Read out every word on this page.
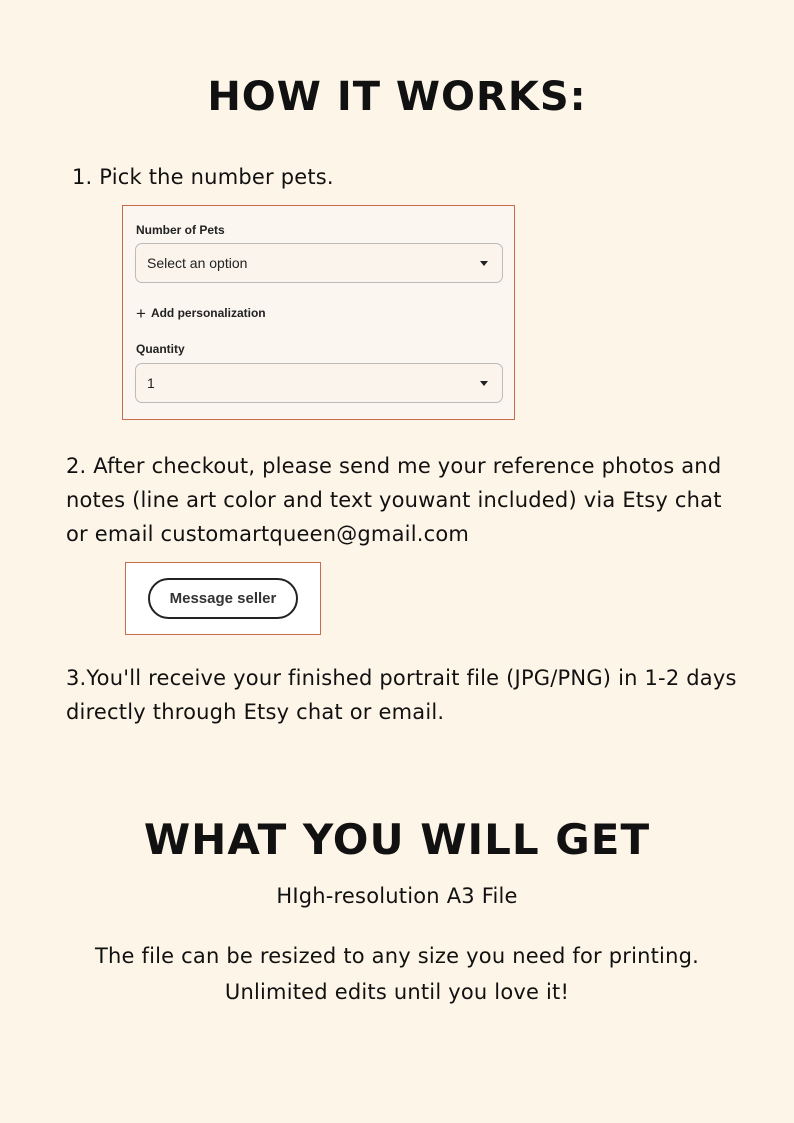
HOW IT WORKS:
1. Pick the number pets.
Number of Pets
Select an option
+ Add personalization
Quantity
1
2. After checkout, please send me your reference photos and notes (line art color and text youwant included) via Etsy chat or email customartqueen@gmail.com
Message seller
3.You'll receive your finished portrait file (JPG/PNG) in 1-2 days directly through Etsy chat or email.
WHAT YOU WILL GET
HIgh-resolution A3 File
The file can be resized to any size you need for printing.
Unlimited edits until you love it!
